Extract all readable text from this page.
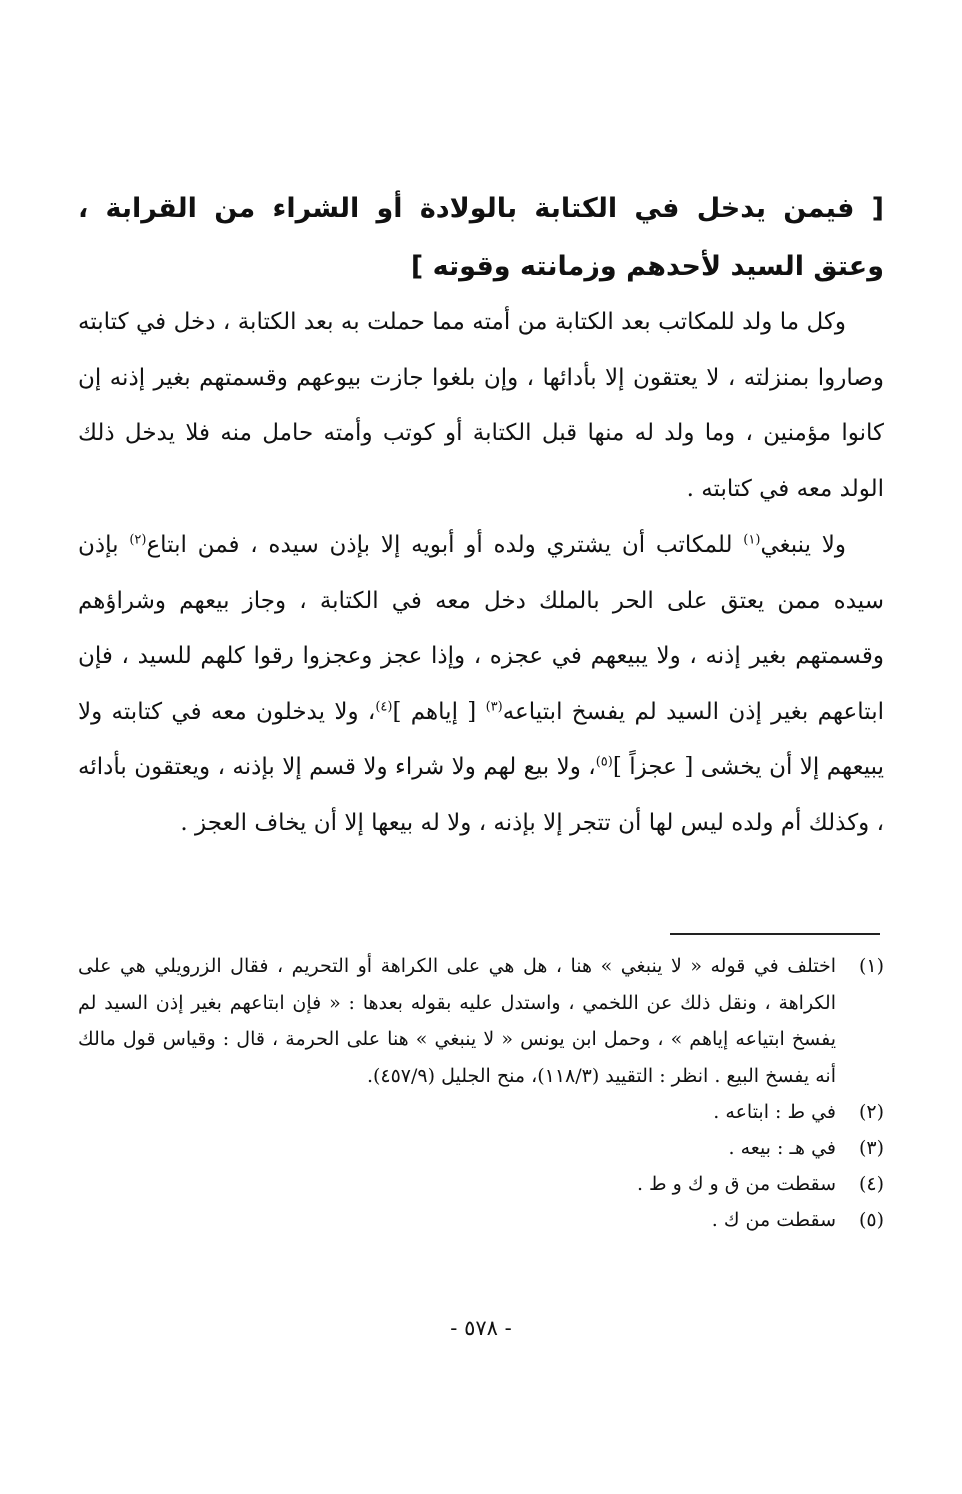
[ فيمن يدخل في الكتابة بالولادة أو الشراء من القرابة ، وعتق السيد لأحدهم وزمانته وقوته ]
وكل ما ولد للمكاتب بعد الكتابة من أمته مما حملت به بعد الكتابة ، دخل في كتابته وصاروا بمنزلته ، لا يعتقون إلا بأدائها ، وإن بلغوا جازت بيوعهم وقسمتهم بغير إذنه إن كانوا مؤمنين ، وما ولد له منها قبل الكتابة أو كوتب وأمته حامل منه فلا يدخل ذلك الولد معه في كتابته .
ولا ينبغي$^{(١)}$ للمكاتب أن يشتري ولده أو أبويه إلا بإذن سيده ، فمن ابتاع$^{(٢)}$ بإذن سيده ممن يعتق على الحر بالملك دخل معه في الكتابة ، وجاز بيعهم وشراؤهم وقسمتهم بغير إذنه ، ولا يبيعهم في عجزه ، وإذا عجز وعجزوا رقوا كلهم للسيد ، فإن ابتاعهم بغير إذن السيد لم يفسخ ابتياعه$^{(٣)}$ [ إياهم ]$^{(٤)}$، ولا يدخلون معه في كتابته ولا يبيعهم إلا أن يخشى [ عجزاً ]$^{(٥)}$، ولا بيع لهم ولا شراء ولا قسم إلا بإذنه ، ويعتقون بأدائه ، وكذلك أم ولده ليس لها أن تتجر إلا بإذنه ، ولا له بيعها إلا أن يخاف العجز .
(١)
اختلف في قوله « لا ينبغي » هنا ، هل هي على الكراهة أو التحريم ، فقال الزرويلي هي على الكراهة ، ونقل ذلك عن اللخمي ، واستدل عليه بقوله بعدها : « فإن ابتاعهم بغير إذن السيد لم يفسخ ابتياعه إياهم » ، وحمل ابن يونس « لا ينبغي » هنا على الحرمة ، قال : وقياس قول مالك أنه يفسخ البيع . انظر : التقييد (١١٨/٣)، منح الجليل (٤٥٧/٩).
(٢)
في ط : ابتاعه .
(٣)
في هـ : بيعه .
(٤)
سقطت من ق و ك و ط .
(٥)
سقطت من ك .
- ٥٧٨ -
